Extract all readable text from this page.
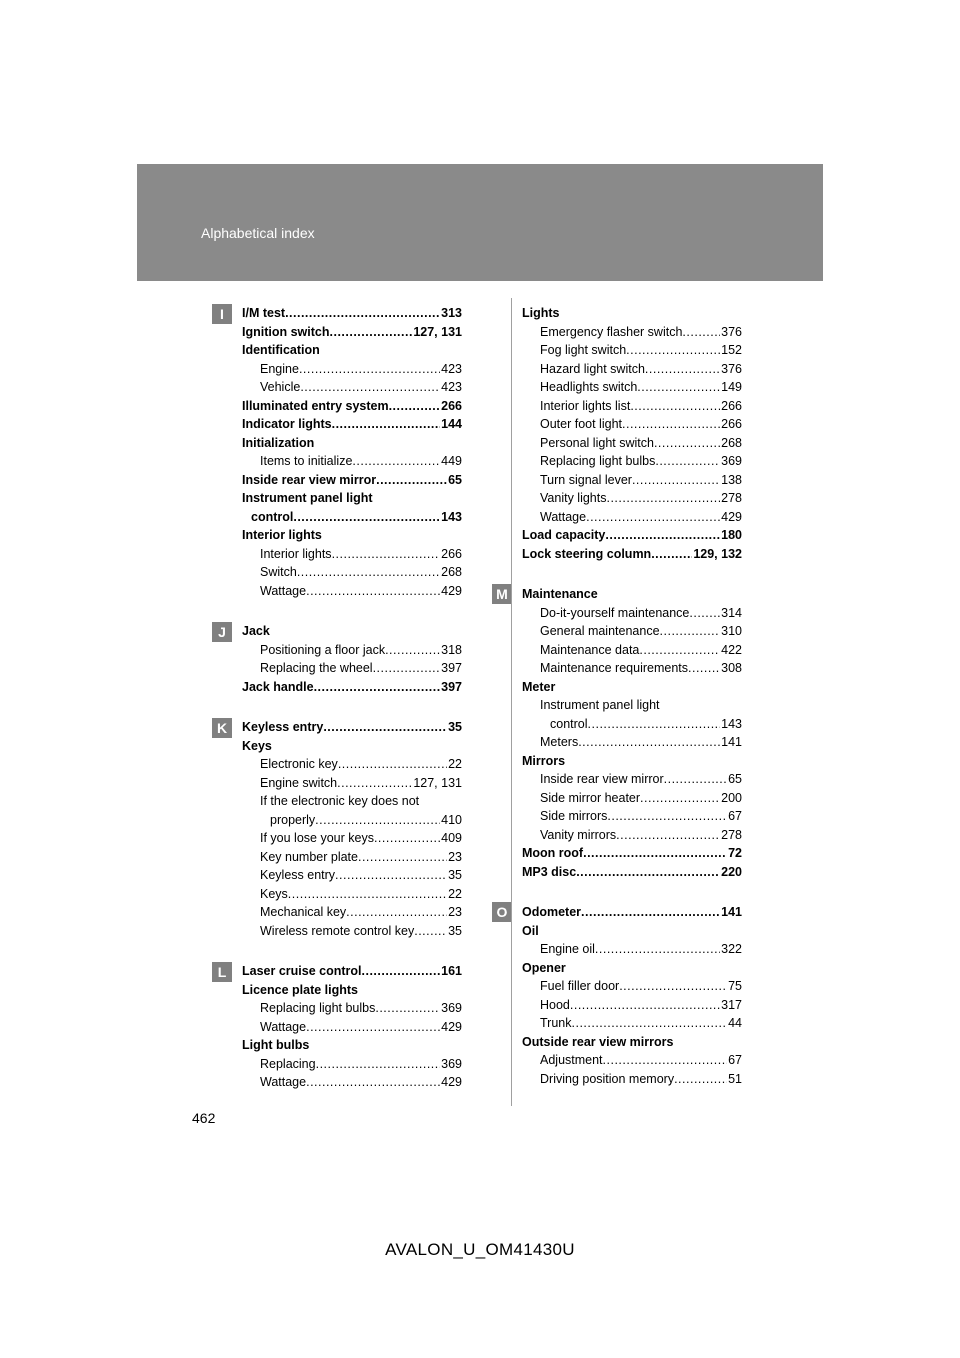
Alphabetical index
I
J
K
L
M
O
I/M test .....	313
Ignition switch .....	127, 131
Identification
Engine .....	423
Vehicle .....	423
Illuminated entry system .....	266
Indicator lights .....	144
Initialization
Items to initialize .....	449
Inside rear view mirror .....	65
Instrument panel light
control .....	143
Interior lights
Interior lights .....	266
Switch .....	268
Wattage .....	429
Jack
Positioning a floor jack .....	318
Replacing the wheel .....	397
Jack handle .....	397
Keyless entry .....	35
Keys
Electronic key .....	22
Engine switch .....	127, 131
If the electronic key does not
properly .....	410
If you lose your keys .....	409
Key number plate .....	23
Keyless entry .....	35
Keys .....	22
Mechanical key .....	23
Wireless remote control key .....	35
Laser cruise control .....	161
Licence plate lights
Replacing light bulbs .....	369
Wattage .....	429
Light bulbs
Replacing .....	369
Wattage .....	429
Lights
Emergency flasher switch .....	376
Fog light switch .....	152
Hazard light switch .....	376
Headlights switch .....	149
Interior lights list .....	266
Outer foot light .....	266
Personal light switch .....	268
Replacing light bulbs .....	369
Turn signal lever .....	138
Vanity lights .....	278
Wattage .....	429
Load capacity .....	180
Lock steering column .....	129, 132
Maintenance
Do-it-yourself maintenance .....	314
General maintenance .....	310
Maintenance data .....	422
Maintenance requirements .....	308
Meter
Instrument panel light
control .....	143
Meters .....	141
Mirrors
Inside rear view mirror .....	65
Side mirror heater .....	200
Side mirrors .....	67
Vanity mirrors .....	278
Moon roof .....	72
MP3 disc .....	220
Odometer .....	141
Oil
Engine oil .....	322
Opener
Fuel filler door .....	75
Hood .....	317
Trunk .....	44
Outside rear view mirrors
Adjustment .....	67
Driving position memory .....	51
462
AVALON_U_OM41430U
